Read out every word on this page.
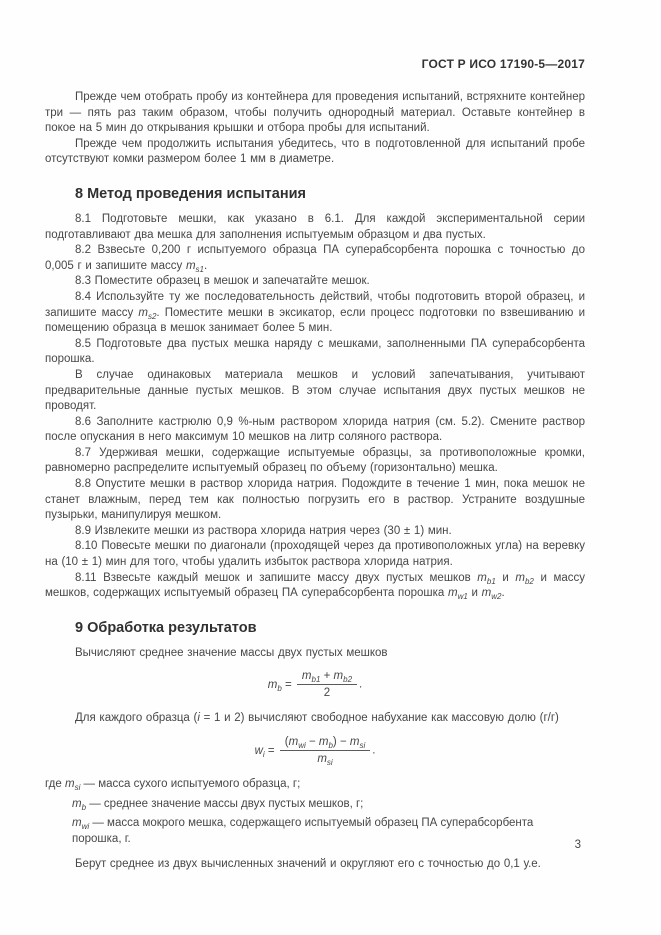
ГОСТ Р ИСО 17190-5—2017

Прежде чем отобрать пробу из контейнера для проведения испытаний, встряхните контейнер три — пять раз таким образом, чтобы получить однородный материал. Оставьте контейнер в покое на 5 мин до открывания крышки и отбора пробы для испытаний.

Прежде чем продолжить испытания убедитесь, что в подготовленной для испытаний пробе отсутствуют комки размером более 1 мм в диаметре.

8 Метод проведения испытания

8.1 Подготовьте мешки, как указано в 6.1. Для каждой экспериментальной серии подготавливают два мешка для заполнения испытуемым образцом и два пустых.

8.2 Взвесьте 0,200 г испытуемого образца ПА суперабсорбента порошка с точностью до 0,005 г и запишите массу $m_{s1}$.

8.3 Поместите образец в мешок и запечатайте мешок.

8.4 Используйте ту же последовательность действий, чтобы подготовить второй образец, и запишите массу $m_{s2}$. Поместите мешки в эксикатор, если процесс подготовки по взвешиванию и помещению образца в мешок занимает более 5 мин.

8.5 Подготовьте два пустых мешка наряду с мешками, заполненными ПА суперабсорбента порошка.

В случае одинаковых материала мешков и условий запечатывания, учитывают предварительные данные пустых мешков. В этом случае испытания двух пустых мешков не проводят.

8.6 Заполните кастрюлю 0,9 %-ным раствором хлорида натрия (см. 5.2). Смените раствор после опускания в него максимум 10 мешков на литр соляного раствора.

8.7 Удерживая мешки, содержащие испытуемые образцы, за противоположные кромки, равномерно распределите испытуемый образец по объему (горизонтально) мешка.

8.8 Опустите мешки в раствор хлорида натрия. Подождите в течение 1 мин, пока мешок не станет влажным, перед тем как полностью погрузить его в раствор. Устраните воздушные пузырьки, манипулируя мешком.

8.9 Извлеките мешки из раствора хлорида натрия через (30 ± 1) мин.

8.10 Повесьте мешки по диагонали (проходящей через да противоположных угла) на веревку на (10 ± 1) мин для того, чтобы удалить избыток раствора хлорида натрия.

8.11 Взвесьте каждый мешок и запишите массу двух пустых мешков $m_{b1}$ и $m_{b2}$ и массу мешков, содержащих испытуемый образец ПА суперабсорбента порошка $m_{w1}$ и $m_{w2}$.

9 Обработка результатов

Вычисляют среднее значение массы двух пустых мешков

$m_b = \frac{m_{b1} + m_{b2}}{2}$ .

Для каждого образца (i = 1 и 2) вычисляют свободное набухание как массовую долю (г/г)

$w_i = \frac{(m_{wi} - m_b) - m_{si}}{m_{si}}$ .

где $m_{si}$ — масса сухого испытуемого образца, г;

$m_b$ — среднее значение массы двух пустых мешков, г;

$m_{wi}$ — масса мокрого мешка, содержащего испытуемый образец ПА суперабсорбента порошка, г.

Берут среднее из двух вычисленных значений и округляют его с точностью до 0,1 у.е.

3
